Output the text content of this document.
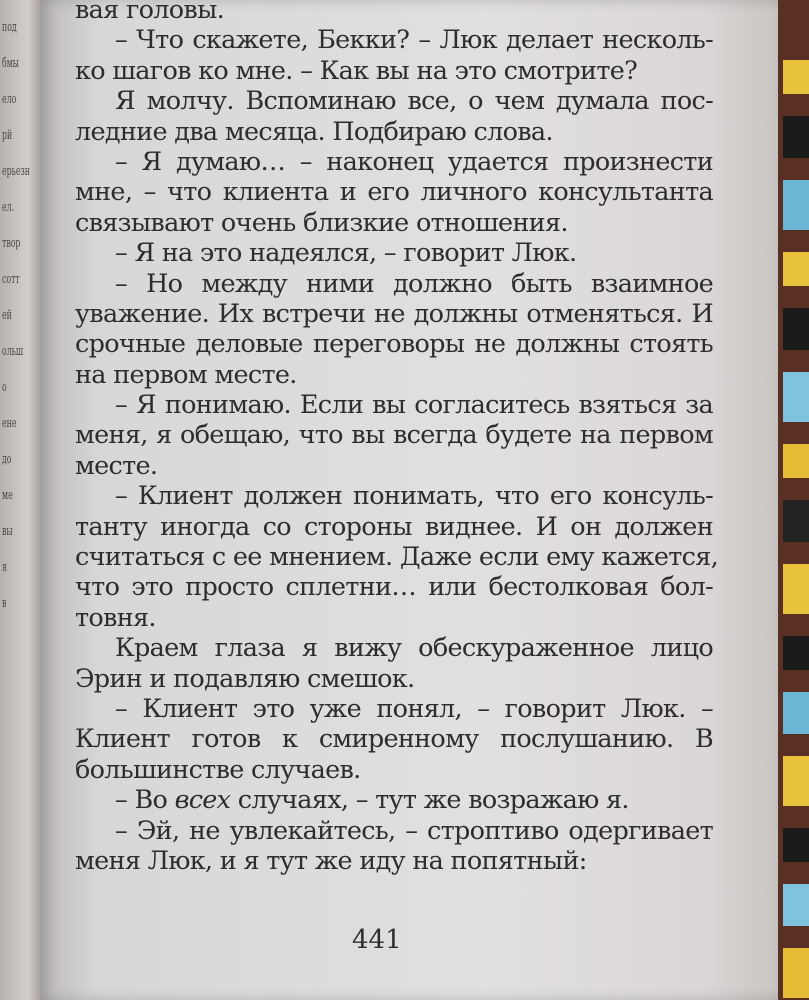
под
бмы
ело
рй
ерьезн
ел.
твор
сотт
ей
ольш
о
ене
до
ме
вы
я
в
вая головы.
– Что скажете, Бекки? – Люк делает несколь-
ко шагов ко мне. – Как вы на это смотрите?
Я молчу. Вспоминаю все, о чем думала пос-
ледние два месяца. Подбираю слова.
– Я думаю… – наконец удается произнести
мне, – что клиента и его личного консультанта
связывают очень близкие отношения.
– Я на это надеялся, – говорит Люк.
– Но между ними должно быть взаимное
уважение. Их встречи не должны отменяться. И
срочные деловые переговоры не должны стоять
на первом месте.
– Я понимаю. Если вы согласитесь взяться за
меня, я обещаю, что вы всегда будете на первом
месте.
– Клиент должен понимать, что его консуль-
танту иногда со стороны виднее. И он должен
считаться с ее мнением. Даже если ему кажется,
что это просто сплетни… или бестолковая бол-
товня.
Краем глаза я вижу обескураженное лицо
Эрин и подавляю смешок.
– Клиент это уже понял, – говорит Люк. –
Клиент готов к смиренному послушанию. В
большинстве случаев.
– Во всех случаях, – тут же возражаю я.
– Эй, не увлекайтесь, – строптиво одергивает
меня Люк, и я тут же иду на попятный:
441
